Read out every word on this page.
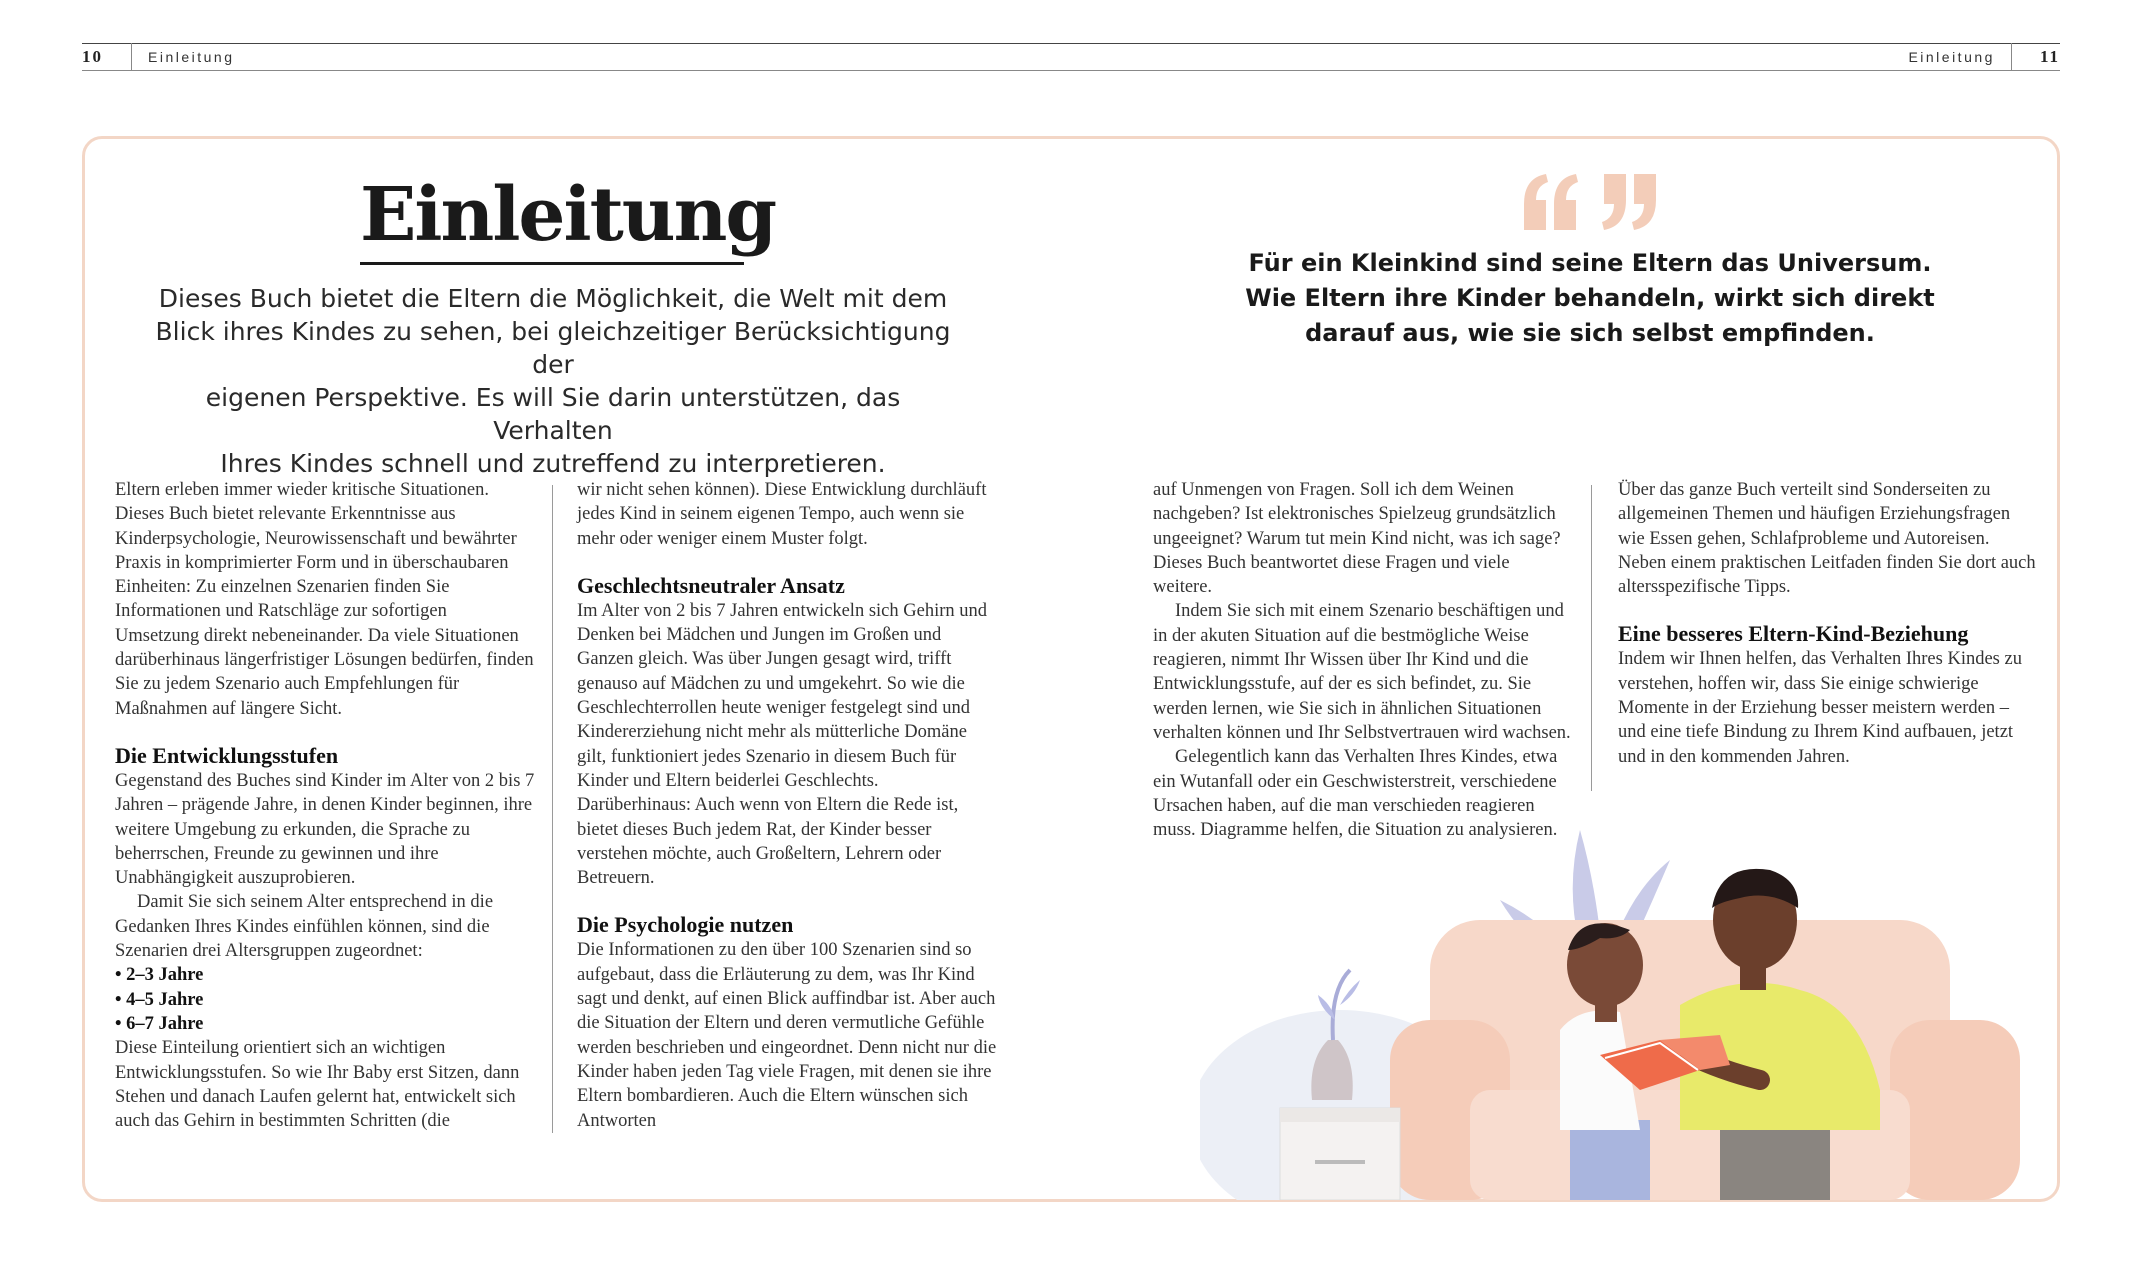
10	Einleitung	Einleitung	11
Einleitung

Dieses Buch bietet die Eltern die Möglichkeit, die Welt mit dem
Blick ihres Kindes zu sehen, bei gleichzeitiger Berücksichtigung der
eigenen Perspektive. Es will Sie darin unterstützen, das Verhalten
Ihres Kindes schnell und zutreffend zu interpretieren.

Für ein Kleinkind sind seine Eltern das Universum.
Wie Eltern ihre Kinder behandeln, wirkt sich direkt
darauf aus, wie sie sich selbst empfinden.

Eltern erleben immer wieder kritische Situationen. Dieses Buch bietet relevante Erkenntnisse aus Kinderpsychologie, Neurowissenschaft und bewährter Praxis in komprimierter Form und in überschaubaren Einheiten: Zu einzelnen Szenarien finden Sie Informationen und Ratschläge zur sofortigen Umsetzung direkt nebeneinander. Da viele Situationen darüberhinaus längerfristiger Lösungen bedürfen, finden Sie zu jedem Szenario auch Empfehlungen für Maßnahmen auf längere Sicht.

Die Entwicklungsstufen

Gegenstand des Buches sind Kinder im Alter von 2 bis 7 Jahren – prägende Jahre, in denen Kinder beginnen, ihre weitere Umgebung zu erkunden, die Sprache zu beherrschen, Freunde zu gewinnen und ihre Unabhängigkeit auszuprobieren.

Damit Sie sich seinem Alter entsprechend in die Gedanken Ihres Kindes einfühlen können, sind die Szenarien drei Altersgruppen zugeordnet:

• 2–3 Jahre
• 4–5 Jahre
• 6–7 Jahre

Diese Einteilung orientiert sich an wichtigen Entwicklungsstufen. So wie Ihr Baby erst Sitzen, dann Stehen und danach Laufen gelernt hat, entwickelt sich auch das Gehirn in bestimmten Schritten (die

wir nicht sehen können). Diese Entwicklung durchläuft jedes Kind in seinem eigenen Tempo, auch wenn sie mehr oder weniger einem Muster folgt.

Geschlechtsneutraler Ansatz

Im Alter von 2 bis 7 Jahren entwickeln sich Gehirn und Denken bei Mädchen und Jungen im Großen und Ganzen gleich. Was über Jungen gesagt wird, trifft genauso auf Mädchen zu und umgekehrt. So wie die Geschlechterrollen heute weniger festgelegt sind und Kindererziehung nicht mehr als mütterliche Domäne gilt, funktioniert jedes Szenario in diesem Buch für Kinder und Eltern beiderlei Geschlechts. Darüberhinaus: Auch wenn von Eltern die Rede ist, bietet dieses Buch jedem Rat, der Kinder besser verstehen möchte, auch Großeltern, Lehrern oder Betreuern.

Die Psychologie nutzen

Die Informationen zu den über 100 Szenarien sind so aufgebaut, dass die Erläuterung zu dem, was Ihr Kind sagt und denkt, auf einen Blick auffindbar ist. Aber auch die Situation der Eltern und deren vermutliche Gefühle werden beschrieben und eingeordnet. Denn nicht nur die Kinder haben jeden Tag viele Fragen, mit denen sie ihre Eltern bombardieren. Auch die Eltern wünschen sich Antworten

auf Unmengen von Fragen. Soll ich dem Weinen nachgeben? Ist elektronisches Spielzeug grundsätzlich ungeeignet? Warum tut mein Kind nicht, was ich sage? Dieses Buch beantwortet diese Fragen und viele weitere.

Indem Sie sich mit einem Szenario beschäftigen und in der akuten Situation auf die bestmögliche Weise reagieren, nimmt Ihr Wissen über Ihr Kind und die Entwicklungsstufe, auf der es sich befindet, zu. Sie werden lernen, wie Sie sich in ähnlichen Situationen verhalten können und Ihr Selbstvertrauen wird wachsen.

Gelegentlich kann das Verhalten Ihres Kindes, etwa ein Wutanfall oder ein Geschwisterstreit, verschiedene Ursachen haben, auf die man verschieden reagieren muss. Diagramme helfen, die Situation zu analysieren.

Über das ganze Buch verteilt sind Sonderseiten zu allgemeinen Themen und häufigen Erziehungsfragen wie Essen gehen, Schlafprobleme und Autoreisen. Neben einem praktischen Leitfaden finden Sie dort auch altersspezifische Tipps.

Eine besseres Eltern-Kind-Beziehung

Indem wir Ihnen helfen, das Verhalten Ihres Kindes zu verstehen, hoffen wir, dass Sie einige schwierige Momente in der Erziehung besser meistern werden – und eine tiefe Bindung zu Ihrem Kind aufbauen, jetzt und in den kommenden Jahren.
